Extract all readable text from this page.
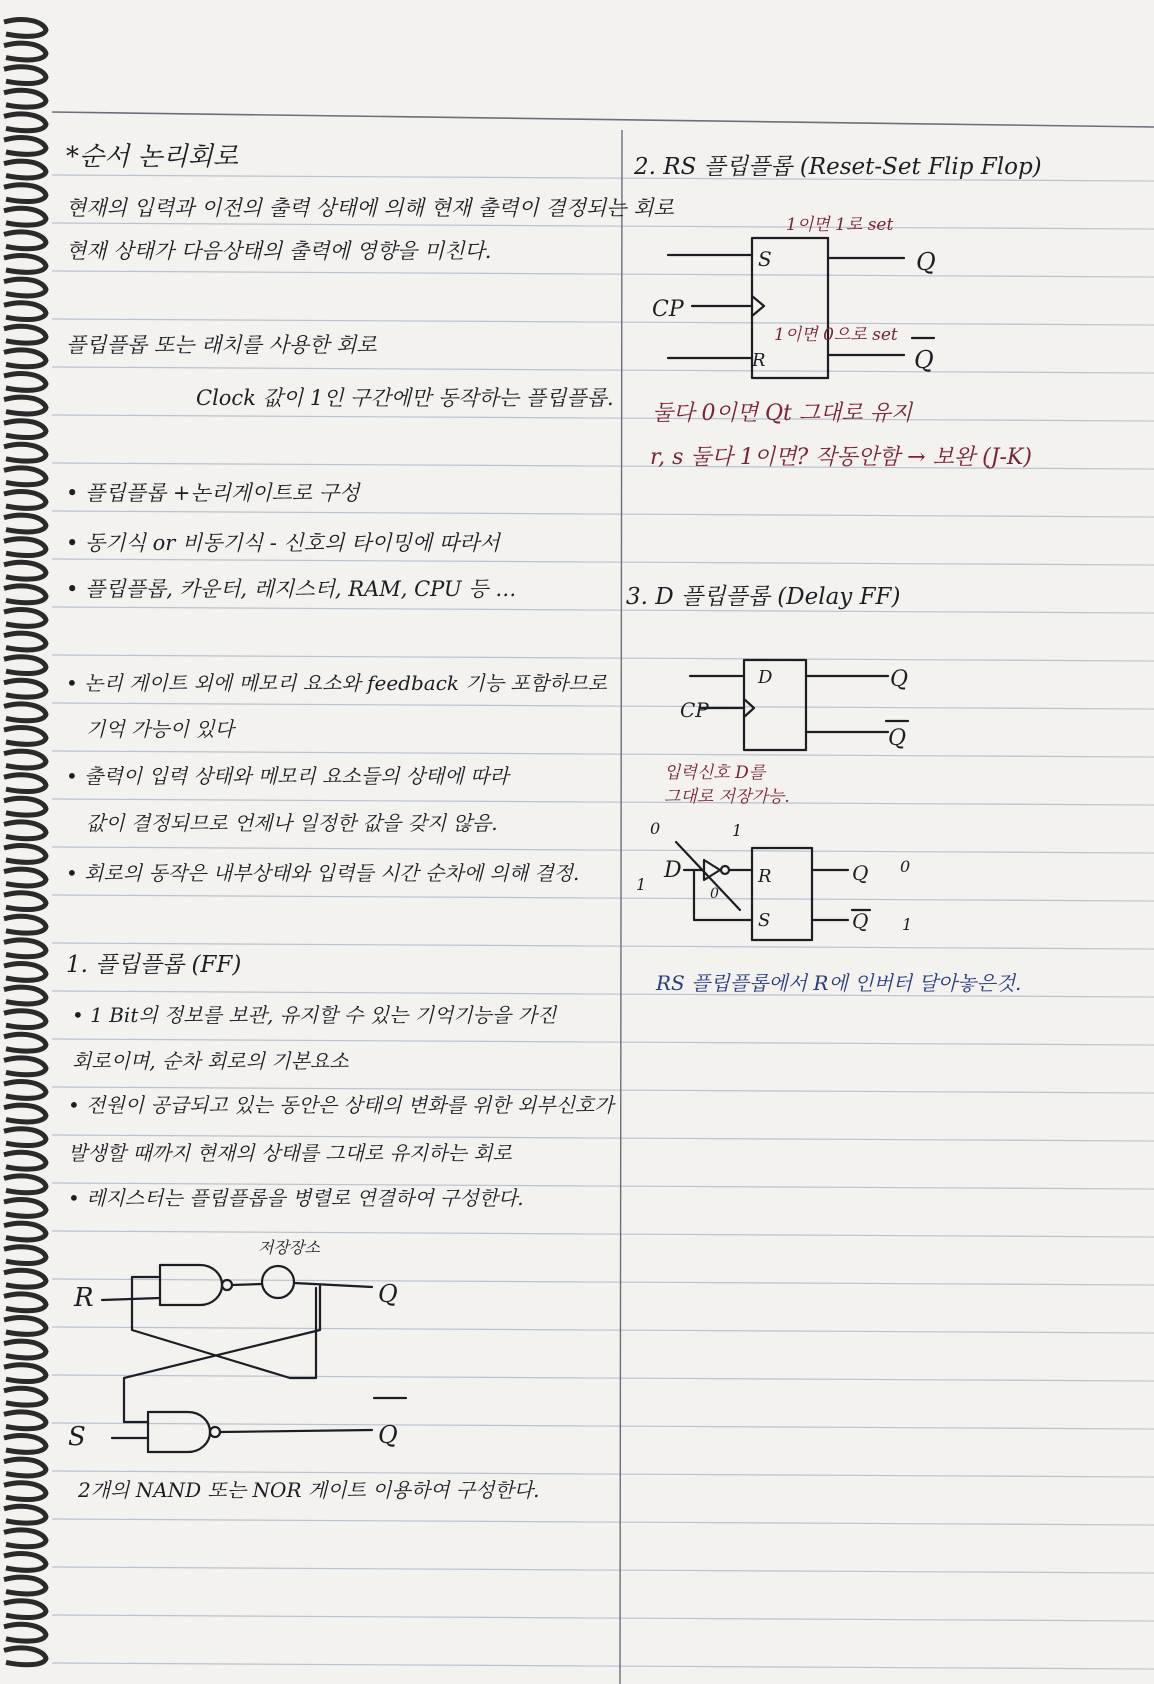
*순서 논리회로
현재의 입력과 이전의 출력 상태에 의해 현재 출력이 결정되는 회로
현재 상태가 다음상태의 출력에 영향을 미친다.
플립플롭 또는 래치를 사용한 회로
Clock 값이 1인 구간에만 동작하는 플립플롭.
• 플립플롭 +논리게이트로 구성
• 동기식 or 비동기식 - 신호의 타이밍에 따라서
• 플립플롭, 카운터, 레지스터, RAM, CPU 등 …
• 논리 게이트 외에 메모리 요소와 feedback 기능 포함하므로
기억 가능이 있다
• 출력이 입력 상태와 메모리 요소들의 상태에 따라
값이 결정되므로 언제나 일정한 값을 갖지 않음.
• 회로의 동작은 내부상태와 입력들 시간 순차에 의해 결정.
1. 플립플롭 (FF)
• 1 Bit의 정보를 보관, 유지할 수 있는 기억기능을 가진
회로이며, 순차 회로의 기본요소
• 전원이 공급되고 있는 동안은 상태의 변화를 위한 외부신호가
발생할 때까지 현재의 상태를 그대로 유지하는 회로
• 레지스터는 플립플롭을 병렬로 연결하여 구성한다.
저장장소
R
S
Q
Q
2개의 NAND 또는 NOR 게이트 이용하여 구성한다.
2. RS 플립플롭 (Reset-Set Flip Flop)
1이면 1로 set
S
R
CP
Q
Q
1이면 0으로 set
둘다 0이면 Qt 그대로 유지
r, s 둘다 1이면? 작동안함 → 보완 (J-K)
3. D 플립플롭 (Delay FF)
D
CP
Q
Q
입력신호 D를
그대로 저장가능.
D	R
S
Q
Q
0	1
0
0
1
1
RS 플립플롭에서 R에 인버터 달아놓은것.
